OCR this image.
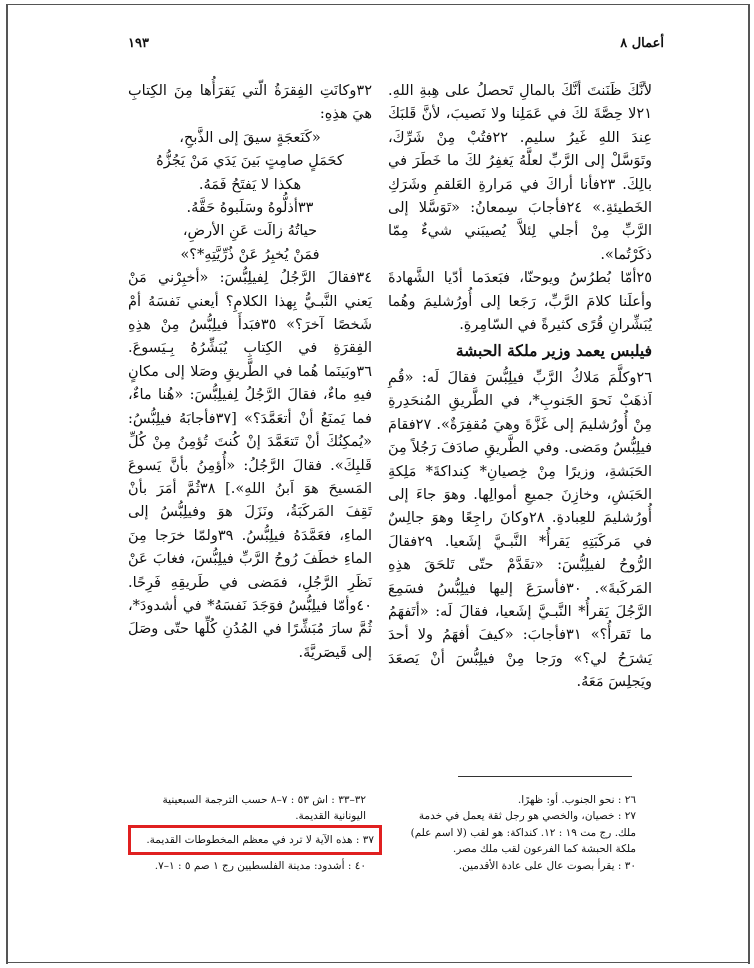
١٩٣	أعمال ٨

لأنَّكَ ظَنَنتَ أنَّكَ بالمالِ تَحصلُ على هِبةِ اللهِ. ٢١لا حِصَّةَ لكَ في عَمَلِنا ولا نَصيبَ، لأنَّ قَلبَكَ عِندَ اللهِ غَيرُ سليم. ٢٢فتُبْ مِنْ شَرِّكَ، وتَوَسَّلْ إلى الرَّبِّ لعلَّهُ يَغفِرُ لكَ ما خَطَرَ في بالِكَ. ٢٣فأنا أراكَ في مَرارةِ العَلقمِ وشَرَكِ الخَطيئةِ.» ٢٤فأجابَ سِمعانُ: «تَوَسَّلا إلى الرَّبِّ مِنْ أجلي لِئلاَّ يُصيبَني شيءٌ مِمّا ذكَرْتُما».

٢٥أمّا بُطرُسُ ويوحنّا، فبَعدَما أدّيا الشَّهادةَ وأعلَنا كلامَ الرَّبِّ، رَجَعا إلى أُورُشليمَ وهُما يُبَشِّرانِ قُرًى كثيرةً في السّامِرةِ.

فيلبس يعمد وزير ملكة الحبشة

٢٦وكلَّمَ مَلاكُ الرَّبِّ فيلِبُّسَ فقالَ لَه: «قُمِ اَذهَبْ نَحوَ الجَنوبِ*، في الطَّريقِ المُنحَدِرةِ مِنْ أُورُشليمَ إلى غَزَّةَ وهيَ مُقفِرَةٌ». ٢٧فقامَ فيلِبُّسُ ومَضى. وفي الطَّريقِ صادَفَ رَجُلاً مِنَ الحَبَشةِ، وزيرًا مِنْ خِصيانِ* كِنداكةَ* مَلِكةِ الحَبَشِ، وخازِنَ جميعِ أموالِها. وهوَ جاءَ إلى أُورُشليمَ للعِبادةِ. ٢٨وكانَ راجِعًا وهوَ جالِسٌ في مَركَبَتِهِ يَقرأُ* النَّبـيَّ إشَعيا. ٢٩فقالَ الرُّوحُ لفيلِبُّسَ: «تقَدَّمْ حتّى تَلحَقَ هذِهِ المَركَبةَ». ٣٠فأسرَعَ إليها فيلِبُّسُ فسَمِعَ الرَّجُلَ يَقرأُ* النَّبـيَّ إشَعيا، فقالَ لَه: «أتَفهَمُ ما تَقرأُ؟» ٣١فأجابَ: «كيفَ أفهَمُ ولا أحدَ يَشرَحُ لي؟» ورَجا مِنْ فيلِبُّسَ أنْ يَصعَدَ ويَجلِسَ مَعَهُ.

٣٢وكانَتِ الفِقرَةُ الّتي يَقرَأُها مِنَ الكِتابِ هيَ هذِهِ:

«كَنَعجَةٍ سيقَ إلى الذَّبحِ،
كحَمَلٍ صامِتٍ بَينَ يَدَي مَنْ يَجُزُّهُ
هكذا لا يَفتَحُ فَمَهُ.
٣٣أذلُّوهُ وسَلَبوهُ حَقَّهُ.
حياتُهُ زالَت عَنِ الأرضِ،
فمَنْ يُخبِرُ عَنْ ذُرِّيَّتِهِ*؟»

٣٤فقالَ الرَّجُلُ لِفيلِبُّسَ: «أخبِرْني مَنْ يَعني النَّبـيُّ بِهذا الكلامِ؟ أيعني نَفسَهُ أمْ شَخصًا آخرَ؟» ٣٥فبَدأَ فيلِبُّسُ مِنْ هذِهِ الفِقرَةِ في الكِتابِ يُبَشِّرُهُ بِـيَسوعَ. ٣٦وبَينَما هُما في الطَّريقِ وصَلا إلى مكانٍ فيهِ ماءٌ، فقالَ الرَّجُلُ لِفيلِبُّسَ: «هُنا ماءٌ، فما يَمنَعُ أنْ أتعَمَّدَ؟» [٣٧فأجابَهُ فيلِبُّسُ: «يُمكِنُكَ أنْ تَتعَمَّدَ إنْ كُنتَ تُؤمِنُ مِنْ كُلِّ قَلبِكَ». فقالَ الرَّجُلُ: «أُؤمِنُ بأنَّ يَسوعَ المَسيحَ هوَ اَبنُ اللهِ».] ٣٨ثُمَّ أمَرَ بأنْ تَقِفَ المَركَبَةُ، ونَزَلَ هوَ وفيلِبُّسُ إلى الماءِ، فعَمَّدَهُ فيلِبُّسُ. ٣٩ولمّا خرَجا مِنَ الماءِ خطَفَ رُوحُ الرَّبِّ فيلِبُّسَ، فغابَ عَنْ نَظَرِ الرَّجُلِ، فمَضى في طَريقِهِ فَرِحًا. ٤٠وأمّا فيلِبُّسُ فوَجَدَ نَفسَهُ* في أشدودَ*، ثُمَّ سارَ مُبَشِّرًا في المُدُنِ كُلِّها حتّى وصَلَ إلى قَيصَريَّةَ.

٢٦ : نحو الجنوب. أو: ظهرًا.

٢٧ : خصيان، والخصي هو رجل ثقة يعمل في خدمة ملك. رج مت ١٩ : ١٢. كنداكة: هو لقب (لا اسم علم) ملكة الحبشة كما الفرعون لقب ملك مصر.

٣٠ : يقرأ بصوت عال على عادة الأقدمين.

٣٢–٣٣ : اش ٥٣ : ٧–٨ حسب الترجمة السبعينية اليونانية القديمة.

٣٧ : هذه الآية لا ترد في معظم المخطوطات القديمة.
٤٠ : أشدود: مدينة الفلسطيين رج ١ صم ٥ : ١–٧.
